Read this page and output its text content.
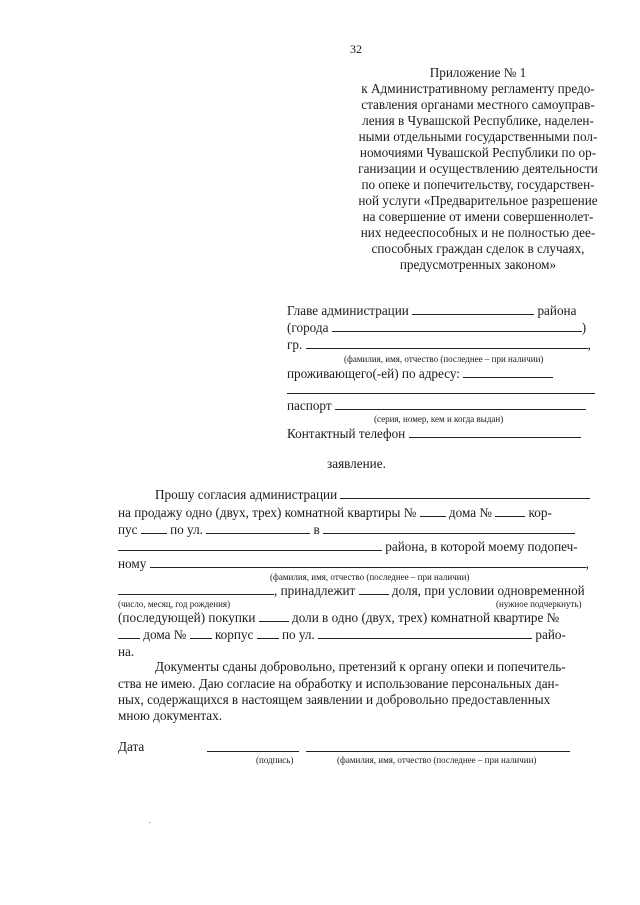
32
Приложение № 1
к Административному регламенту предо-
ставления органами местного самоуправ-
ления в Чувашской Республике, наделен-
ными отдельными государственными пол-
номочиями Чувашской Республики по ор-
ганизации и осуществлению деятельности
по опеке и попечительству, государствен-
ной услуги «Предварительное разрешение
на совершение от имени совершеннолет-
них недееспособных и не полностью дее-
способных граждан сделок в случаях,
предусмотренных законом»
Главе администрации	района
(города	)
гр.	,
(фамилия, имя, отчество (последнее – при наличии)
проживающего(-ей) по адресу:
паспорт
(серия, номер, кем и когда выдан)
Контактный телефон
заявление.
Прошу согласия администрации
на продажу одно (двух, трех) комнатной квартиры № дома №	кор-
пус по ул.	в
района, в которой моему подопеч-
ному	,
(фамилия, имя, отчество (последнее – при наличии)
, принадлежит	доля, при условии одновременной
(число, месяц, год рождения)	(нужное подчеркнуть)
(последующей) покупки	доли в одно (двух, трех) комнатной квартире №
дома № корпус по ул.	райо-
на.
Документы сданы добровольно, претензий к органу опеки и попечитель-
ства не имею. Даю согласие на обработку и использование персональных дан-
ных, содержащихся в настоящем заявлении и добровольно предоставленных
мною документах.
Дата
(подпись)	(фамилия, имя, отчество (последнее – при наличии)
